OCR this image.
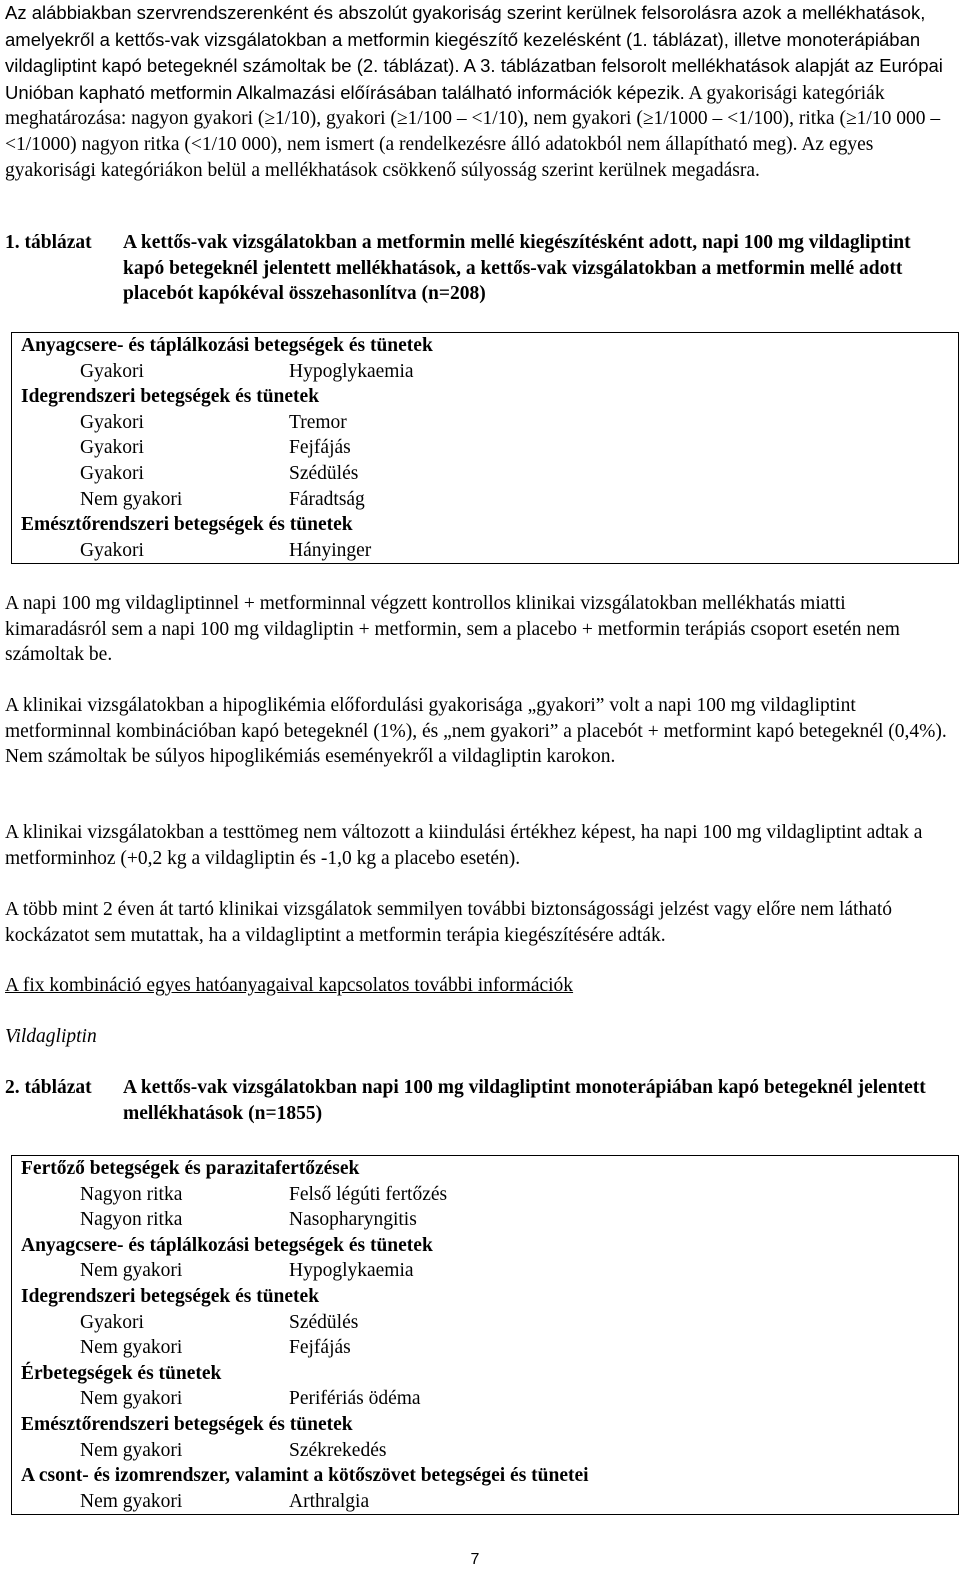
Az alábbiakban szervrendszerenként és abszolút gyakoriság szerint kerülnek felsorolásra azok a mellékhatások, amelyekről a kettős-vak vizsgálatokban a metformin kiegészítő kezelésként (1. táblázat), illetve monoterápiában vildagliptint kapó betegeknél számoltak be (2. táblázat). A 3. táblázatban felsorolt mellékhatások alapját az Európai Unióban kapható metformin Alkalmazási előírásában található információk képezik. A gyakorisági kategóriák meghatározása: nagyon gyakori (≥1/10), gyakori (≥1/100 – <1/10), nem gyakori (≥1/1000 – <1/100), ritka (≥1/10 000 – <1/1000) nagyon ritka (<1/10 000), nem ismert (a rendelkezésre álló adatokból nem állapítható meg). Az egyes gyakorisági kategóriákon belül a mellékhatások csökkenő súlyosság szerint kerülnek megadásra.

1. táblázat A kettős-vak vizsgálatokban a metformin mellé kiegészítésként adott, napi 100 mg vildagliptint kapó betegeknél jelentett mellékhatások, a kettős-vak vizsgálatokban a metformin mellé adott placebót kapókéval összehasonlítva (n=208)
Anyagcsere- és táplálkozási betegségek és tünetek
Gyakori	Hypoglykaemia
Idegrendszeri betegségek és tünetek
Gyakori	Tremor
Gyakori	Fejfájás
Gyakori	Szédülés
Nem gyakori	Fáradtság
Emésztőrendszeri betegségek és tünetek
Gyakori	Hányinger

A napi 100 mg vildagliptinnel + metforminnal végzett kontrollos klinikai vizsgálatokban mellékhatás miatti kimaradásról sem a napi 100 mg vildagliptin + metformin, sem a placebo + metformin terápiás csoport esetén nem számoltak be.

A klinikai vizsgálatokban a hipoglikémia előfordulási gyakorisága „gyakori” volt a napi 100 mg vildagliptint metforminnal kombinációban kapó betegeknél (1%), és „nem gyakori” a placebót + metformint kapó betegeknél (0,4%). Nem számoltak be súlyos hipoglikémiás eseményekről a vildagliptin karokon.

A klinikai vizsgálatokban a testtömeg nem változott a kiindulási értékhez képest, ha napi 100 mg vildagliptint adtak a metforminhoz (+0,2 kg a vildagliptin és -1,0 kg a placebo esetén).

A több mint 2 éven át tartó klinikai vizsgálatok semmilyen további biztonságossági jelzést vagy előre nem látható kockázatot sem mutattak, ha a vildagliptint a metformin terápia kiegészítésére adták.

A fix kombináció egyes hatóanyagaival kapcsolatos további információk

Vildagliptin

2. táblázat A kettős-vak vizsgálatokban napi 100 mg vildagliptint monoterápiában kapó betegeknél jelentett mellékhatások (n=1855)
Fertőző betegségek és parazitafertőzések
Nagyon ritka	Felső légúti fertőzés
Nagyon ritka	Nasopharyngitis
Anyagcsere- és táplálkozási betegségek és tünetek
Nem gyakori	Hypoglykaemia
Idegrendszeri betegségek és tünetek
Gyakori	Szédülés
Nem gyakori	Fejfájás
Érbetegségek és tünetek
Nem gyakori	Perifériás ödéma
Emésztőrendszeri betegségek és tünetek
Nem gyakori	Székrekedés
A csont- és izomrendszer, valamint a kötőszövet betegségei és tünetei
Nem gyakori	Arthralgia
7
